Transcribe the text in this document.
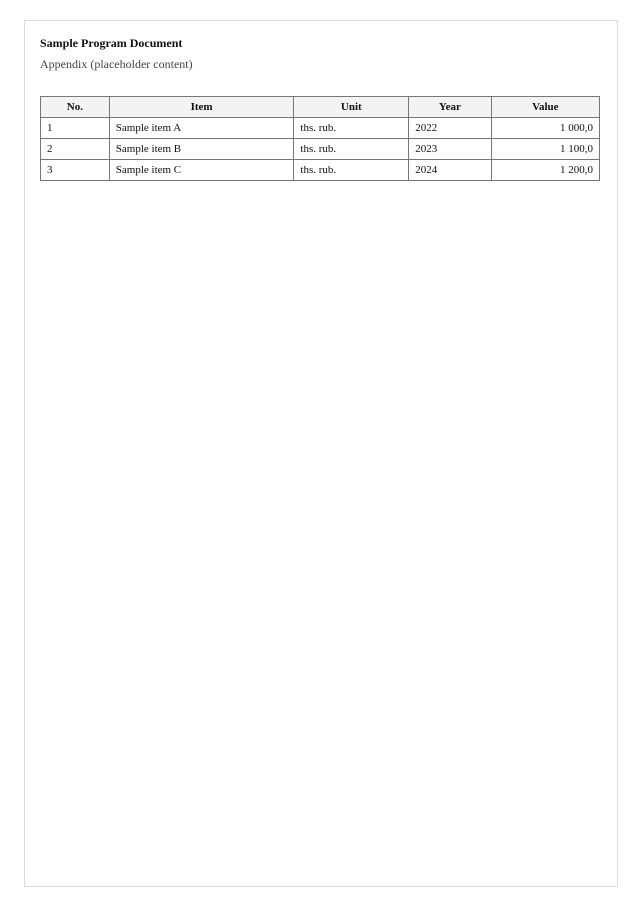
Sample Program Document
Appendix (placeholder content)
No.	Item	Unit	Year	Value
1	Sample item A	ths. rub.	2022	1 000,0
2	Sample item B	ths. rub.	2023	1 100,0
3	Sample item C	ths. rub.	2024	1 200,0
